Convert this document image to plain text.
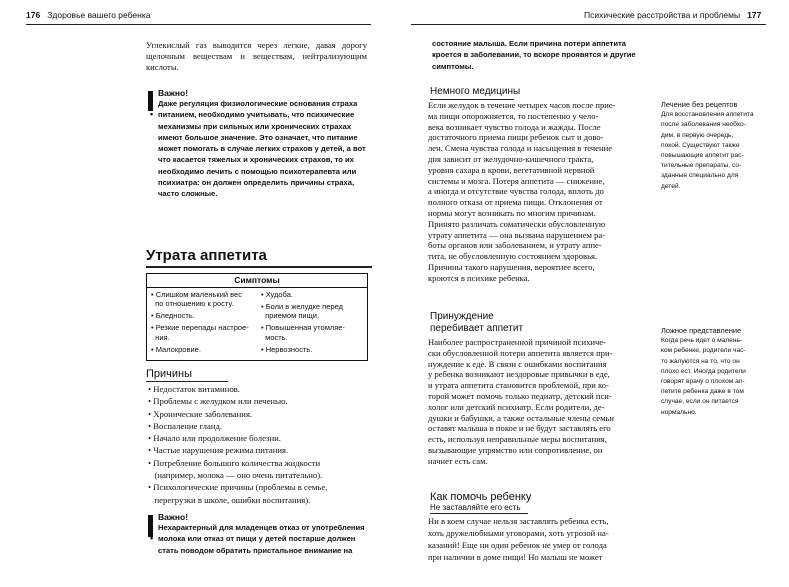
176 Здоровье вашего ребенка	Психические расстройства и проблемы 177
Углекислый газ выводится через легкие, давая дорогу щелочным веществам и веществам, нейтрализующим кислоты.
Важно!
Даже регуляция физиологические основания страха
• питанием, необходимо учитывать, что психические
механизмы при сильных или хронических страхах
имеют большое значение. Это означает, что питание
может помогать в случае легких страхов у детей, а вот
что касается тяжелых и хронических страхов, то их
необходимо лечить с помощью психотерапевта или
психиатра: он должен определить причины страха,
часто сложные.
Утрата аппетита
Симптомы
• Слишком маленький вес
по отношению к росту.
• Бледность.
• Резкие перепады настрое-
ния.
• Малокровие.
• Худоба.
• Боли в желудке перед
приемом пищи.
• Повышенная утомляе-
мость.
• Нервозность.
Причины
• Недостаток витаминов.
• Проблемы с желудком или печенью.
• Хронические заболевания.
• Воспаление гланд.
• Начало или продолжение болезни.
• Частые нарушения режима питания.
• Потребление большого количества жидкости
(например, молока — оно очень питательно).
• Психологические причины (проблемы в семье,
перегрузки в школе, ошибки воспитания).
Важно!
Нехарактерный для младенцев отказ от употребления
• молока или отказ от пищи у детей постарше должен
стать поводом обратить пристальное внимание на
состояние малыша. Если причина потери аппетита
кроется в заболевании, то вскоре проявятся и другие
симптомы.
Немного медицины
Если желудок в течение четырех часов после прие-
ма пищи опорожняется, то постепенно у чело-
века возникает чувство голода и жажды. После
достаточного приема пищи ребенок сыт и дово-
лен. Смена чувства голода и насыщения в течение
дня зависит от желудочно-кишечного тракта,
уровня сахара в крови, вегетативной нервной
системы и мозга. Потеря аппетита — снижение,
а иногда и отсутствие чувства голода, вплоть до
полного отказа от приема пищи. Отклонения от
нормы могут возникать по многим причинам.
Принято различать соматически обусловленную
утрату аппетита — она вызвана нарушением ра-
боты органов или заболеванием, и утрату аппе-
тита, не обусловленную состоянием здоровья.
Причины такого нарушения, вероятнее всего,
кроются в психике ребенка.
Принуждение
перебивает аппетит
Наиболее распространенной причиной психиче-
ски обусловленной потери аппетита является при-
нуждение к еде. В связи с ошибками воспитания
у ребенка возникают нездоровые привычки в еде,
и утрата аппетита становится проблемой, при ко-
торой может помочь только педиатр, детский пси-
холог или детский психиатр. Если родители, де-
душки и бабушки, а также остальные члены семьи
оставят малыша в покое и не будут заставлять его
есть, используя неправильные меры воспитания,
вызывающие упрямство или сопротивление, он
начнет есть сам.
Как помочь ребенку
Не заставляйте его есть
Ни в коем случае нельзя заставлять ребенка есть,
хоть дружелюбными уговорами, хоть угрозой на-
казаний! Еще ни один ребенок не умер от голода
при наличии в доме пищи! Но малыш не может
Лечение без рецептов
Для восстановления аппетита
после заболевания необхо-
дим, в первую очередь,
покой. Существуют также
повышающие аппетит рас-
тительные препараты, со-
зданные специально для
детей.
Ложное представление
Когда речь идет о малень-
ком ребенке, родители час-
то жалуются на то, что он
плохо ест. Иногда родители
говорят врачу о плохом ап-
петите ребенка даже в том
случае, если он питается
нормально.
